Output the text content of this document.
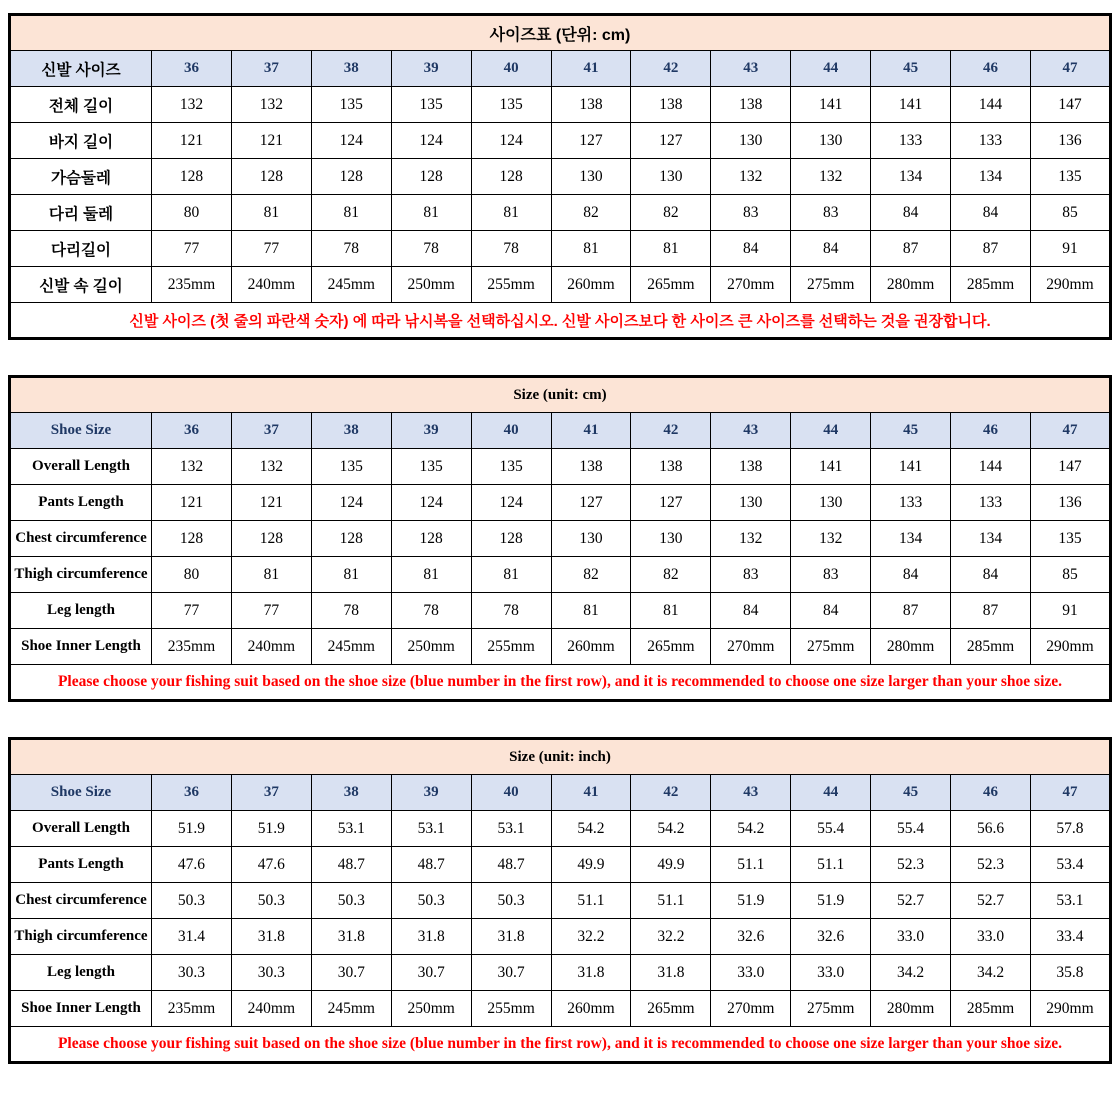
사이즈표 (단위: cm)												
신발 사이즈	36	37	38	39	40	41	42	43	44	45	46	47
전체 길이	132	132	135	135	135	138	138	138	141	141	144	147
바지 길이	121	121	124	124	124	127	127	130	130	133	133	136
가슴둘레	128	128	128	128	128	130	130	132	132	134	134	135
다리 둘레	80	81	81	81	81	82	82	83	83	84	84	85
다리길이	77	77	78	78	78	81	81	84	84	87	87	91
신발 속 길이	235mm	240mm	245mm	250mm	255mm	260mm	265mm	270mm	275mm	280mm	285mm	290mm
신발 사이즈 (첫 줄의 파란색 숫자) 에 따라 낚시복을 선택하십시오. 신발 사이즈보다 한 사이즈 큰 사이즈를 선택하는 것을 권장합니다.												
Size (unit: cm)												
Shoe Size	36	37	38	39	40	41	42	43	44	45	46	47
Overall Length	132	132	135	135	135	138	138	138	141	141	144	147
Pants Length	121	121	124	124	124	127	127	130	130	133	133	136
Chest circumference	128	128	128	128	128	130	130	132	132	134	134	135
Thigh circumference	80	81	81	81	81	82	82	83	83	84	84	85
Leg length	77	77	78	78	78	81	81	84	84	87	87	91
Shoe Inner Length	235mm	240mm	245mm	250mm	255mm	260mm	265mm	270mm	275mm	280mm	285mm	290mm
Please choose your fishing suit based on the shoe size (blue number in the first row), and it is recommended to choose one size larger than your shoe size.												
Size (unit: inch)												
Shoe Size	36	37	38	39	40	41	42	43	44	45	46	47
Overall Length	51.9	51.9	53.1	53.1	53.1	54.2	54.2	54.2	55.4	55.4	56.6	57.8
Pants Length	47.6	47.6	48.7	48.7	48.7	49.9	49.9	51.1	51.1	52.3	52.3	53.4
Chest circumference	50.3	50.3	50.3	50.3	50.3	51.1	51.1	51.9	51.9	52.7	52.7	53.1
Thigh circumference	31.4	31.8	31.8	31.8	31.8	32.2	32.2	32.6	32.6	33.0	33.0	33.4
Leg length	30.3	30.3	30.7	30.7	30.7	31.8	31.8	33.0	33.0	34.2	34.2	35.8
Shoe Inner Length	235mm	240mm	245mm	250mm	255mm	260mm	265mm	270mm	275mm	280mm	285mm	290mm
Please choose your fishing suit based on the shoe size (blue number in the first row), and it is recommended to choose one size larger than your shoe size.												
